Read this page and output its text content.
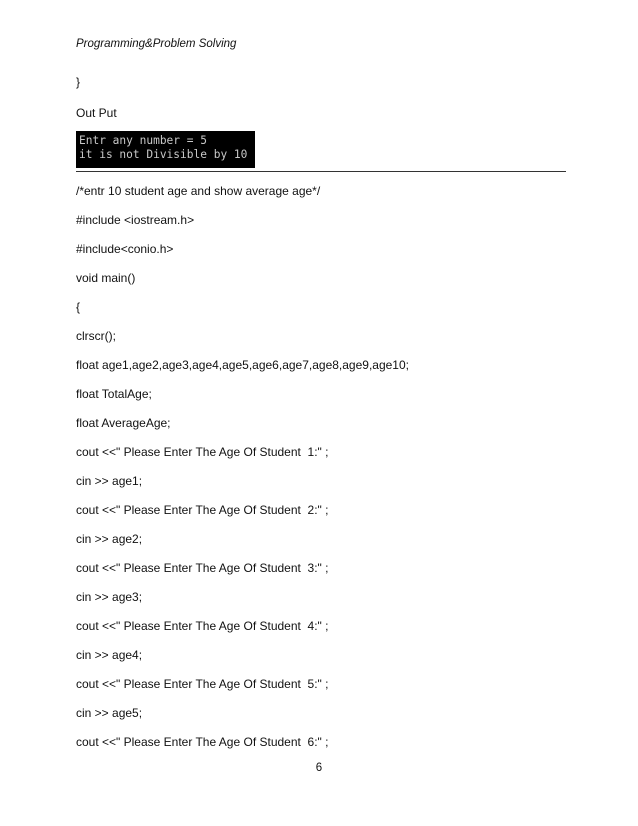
Programming&Problem Solving
}
Out Put
Entr any number = 5
it is not Divisible by 10
/*entr 10 student age and show average age*/
#include <iostream.h>
#include<conio.h>
void main()
{
clrscr();
float age1,age2,age3,age4,age5,age6,age7,age8,age9,age10;
float TotalAge;
float AverageAge;
cout <<" Please Enter The Age Of Student  1:" ;
cin >> age1;
cout <<" Please Enter The Age Of Student  2:" ;
cin >> age2;
cout <<" Please Enter The Age Of Student  3:" ;
cin >> age3;
cout <<" Please Enter The Age Of Student  4:" ;
cin >> age4;
cout <<" Please Enter The Age Of Student  5:" ;
cin >> age5;
cout <<" Please Enter The Age Of Student  6:" ;
6
